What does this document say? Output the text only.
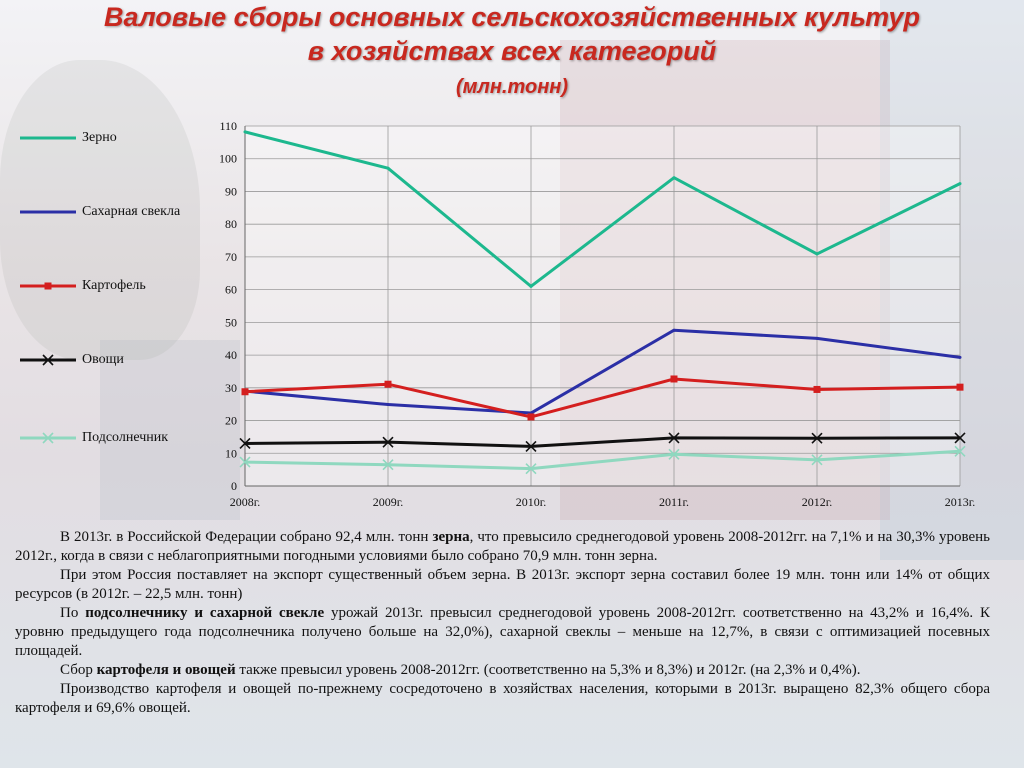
Валовые сборы основных сельскохозяйственных культур
в хозяйствах всех категорий
(млн.тонн)
Зерно
Сахарная свекла
Картофель
Овощи
Подсолнечник
0
10
20
30
40
50
60
70
80
90
100
110
2008г.	2009г.	2010г.	2011г.	2012г.	2013г.

В 2013г. в Российской Федерации собрано 92,4 млн. тонн зерна, что превысило среднегодовой уровень 2008-2012гг. на 7,1% и на 30,3% уровень 2012г., когда в связи с неблагоприятными погодными условиями было собрано 70,9 млн. тонн зерна.

При этом Россия поставляет на экспорт существенный объем зерна. В 2013г. экспорт зерна составил более 19 млн. тонн или 14% от общих ресурсов (в 2012г. – 22,5 млн. тонн)

По подсолнечнику и сахарной свекле урожай 2013г. превысил среднегодовой уровень 2008-2012гг. соответственно на 43,2% и 16,4%. К уровню предыдущего года подсолнечника получено больше на 32,0%), сахарной свеклы – меньше на 12,7%, в связи с оптимизацией посевных площадей.

Сбор картофеля и овощей также превысил уровень 2008-2012гг. (соответственно на 5,3% и 8,3%) и 2012г. (на 2,3% и 0,4%).

Производство картофеля и овощей по-прежнему сосредоточено в хозяйствах населения, которыми в 2013г. выращено 82,3% общего сбора картофеля и 69,6% овощей.
